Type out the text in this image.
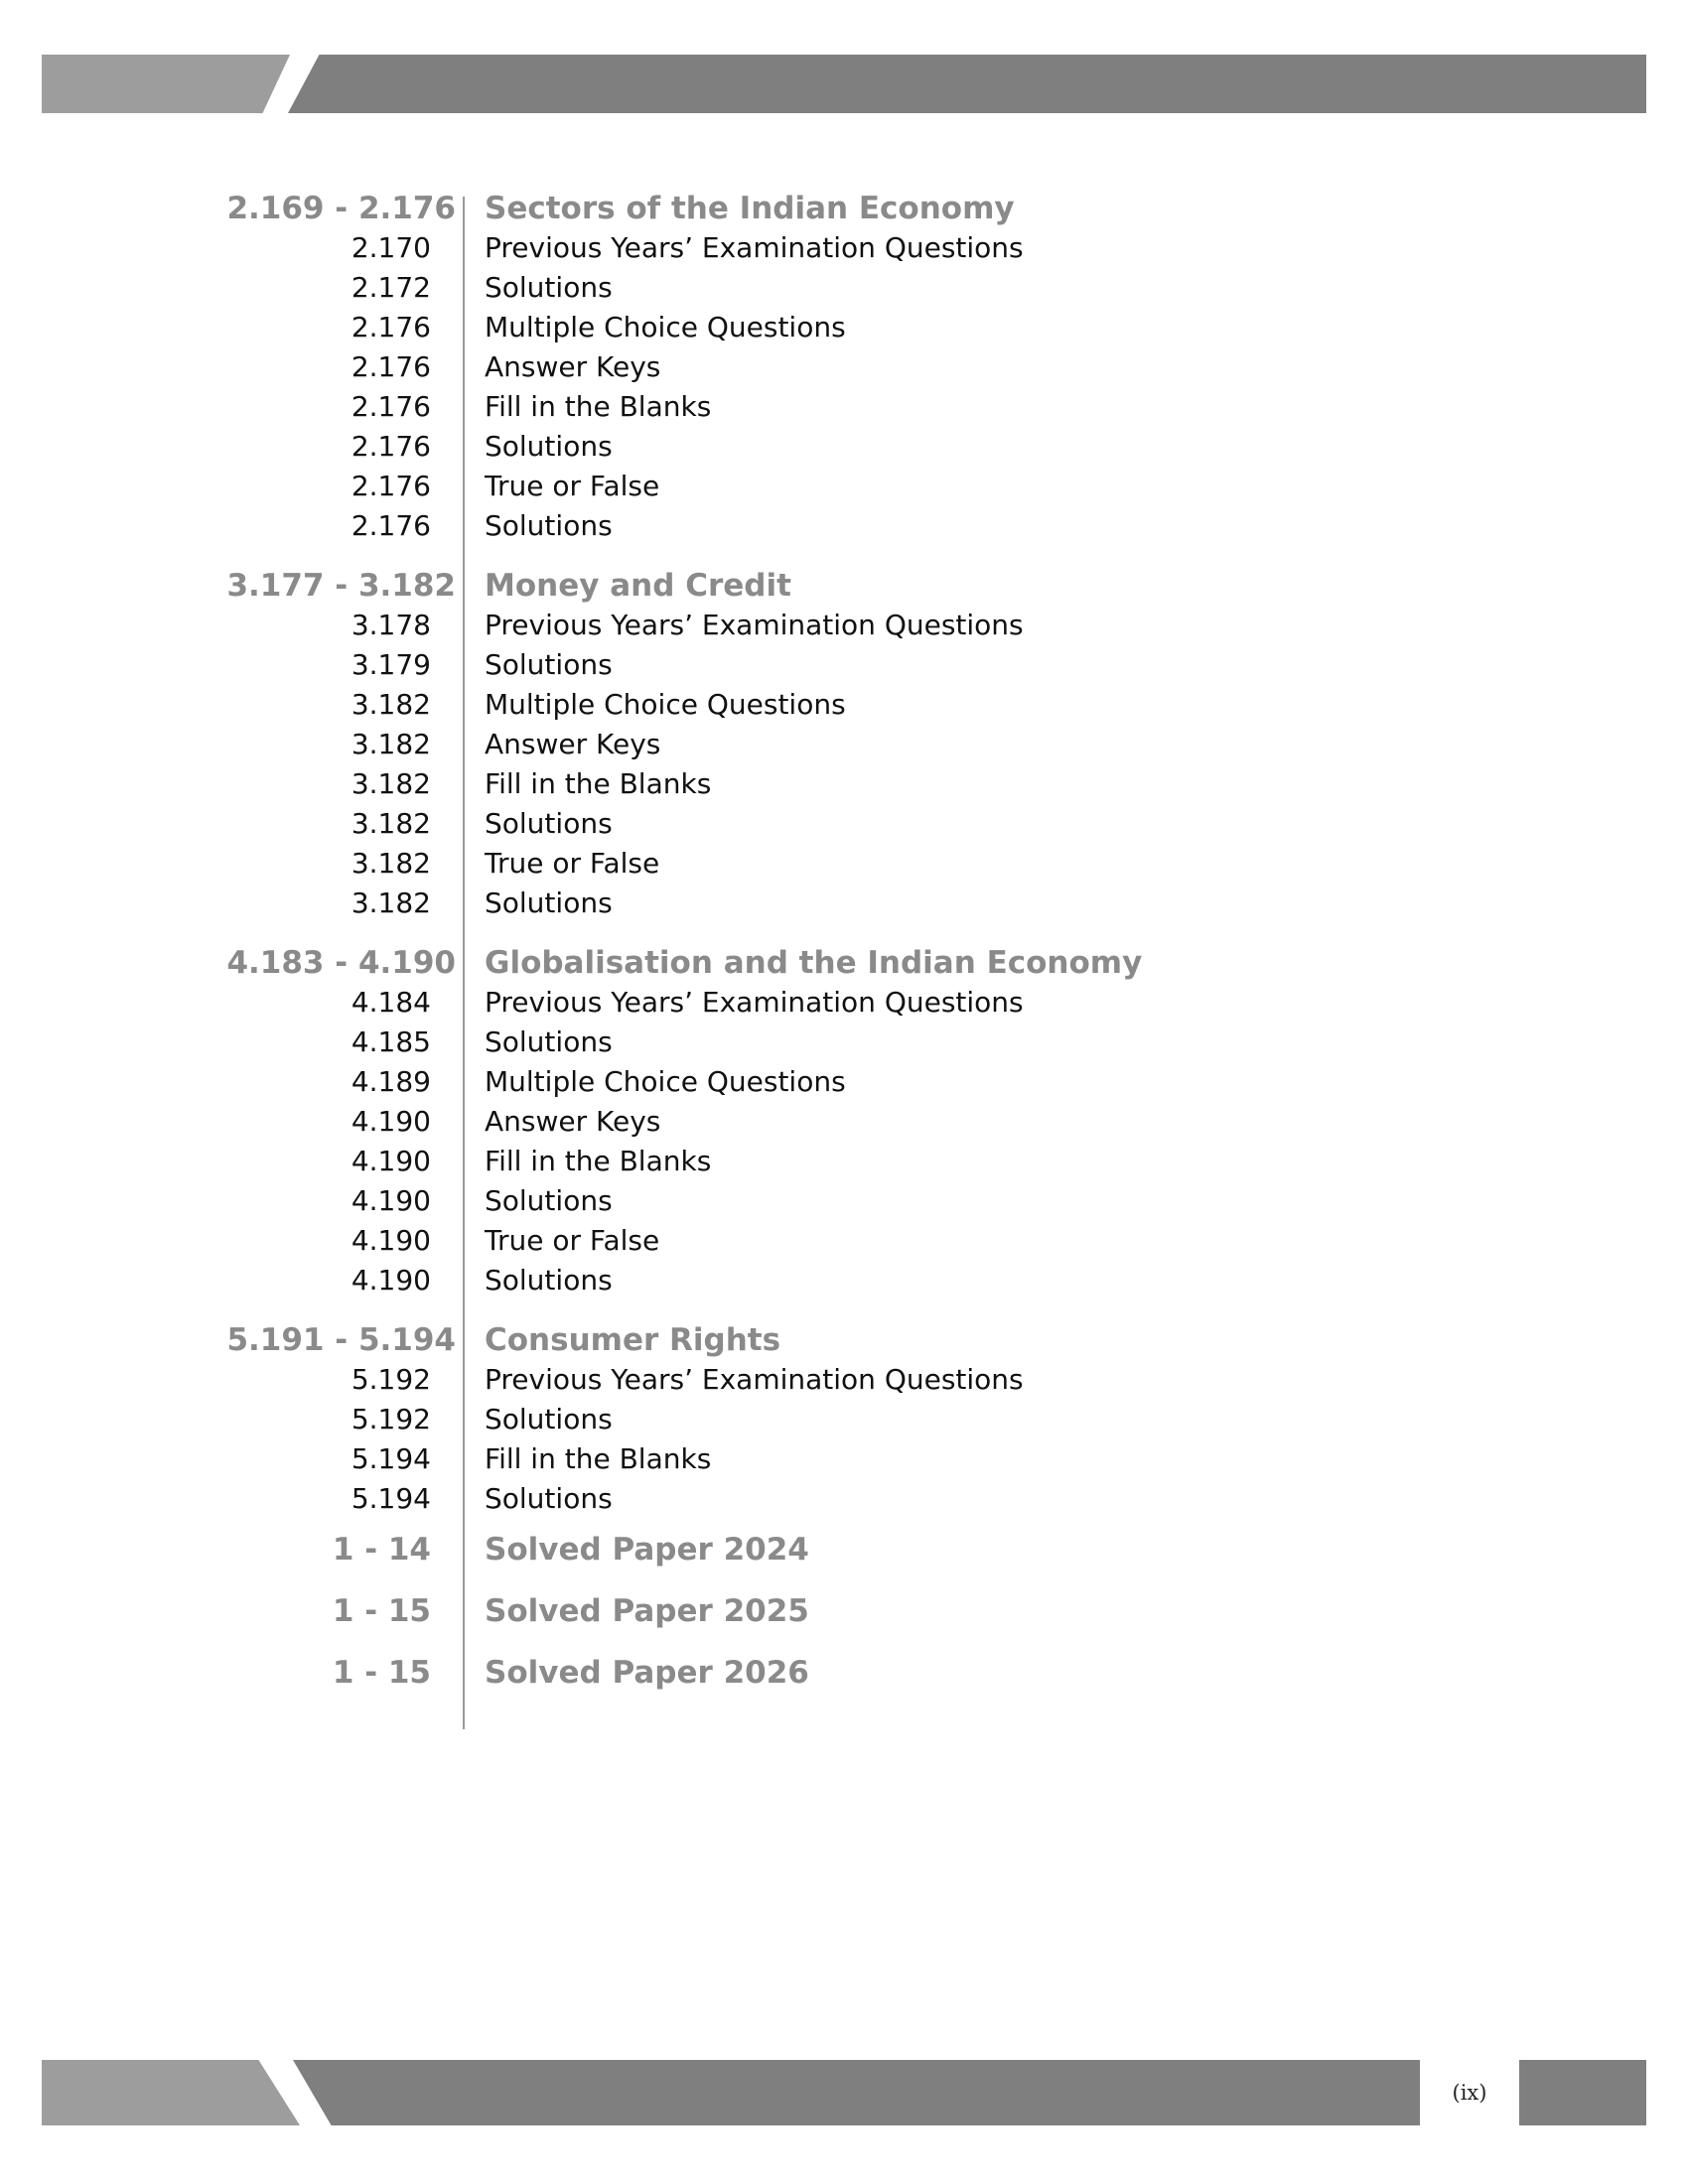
2.169 - 2.176 Sectors of the Indian Economy
2.170 Previous Years’ Examination Questions
2.172 Solutions
2.176 Multiple Choice Questions
2.176 Answer Keys
2.176 Fill in the Blanks
2.176 Solutions
2.176 True or False
2.176 Solutions
3.177 - 3.182 Money and Credit
3.178 Previous Years’ Examination Questions
3.179 Solutions
3.182 Multiple Choice Questions
3.182 Answer Keys
3.182 Fill in the Blanks
3.182 Solutions
3.182 True or False
3.182 Solutions
4.183 - 4.190 Globalisation and the Indian Economy
4.184 Previous Years’ Examination Questions
4.185 Solutions
4.189 Multiple Choice Questions
4.190 Answer Keys
4.190 Fill in the Blanks
4.190 Solutions
4.190 True or False
4.190 Solutions
5.191 - 5.194 Consumer Rights
5.192 Previous Years’ Examination Questions
5.192 Solutions
5.194 Fill in the Blanks
5.194 Solutions
1 - 14 Solved Paper 2024
1 - 15 Solved Paper 2025
1 - 15 Solved Paper 2026
(ix)
